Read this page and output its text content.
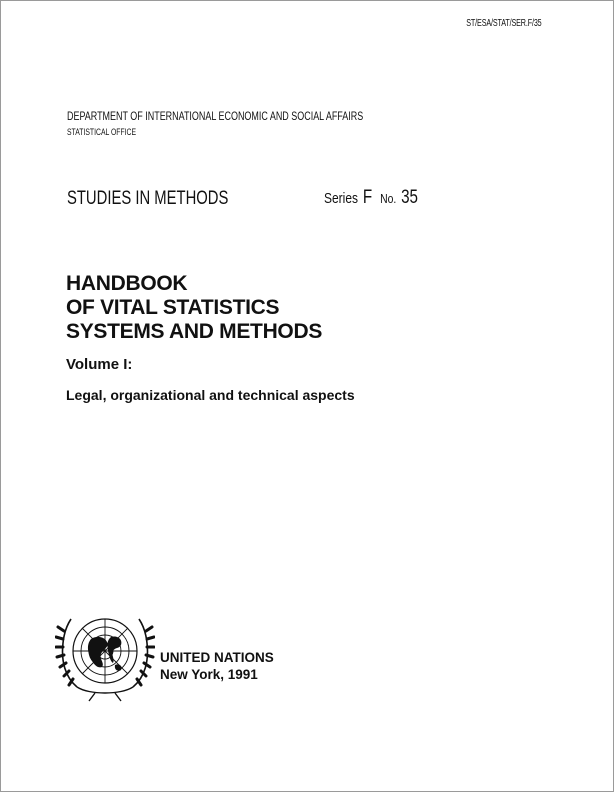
ST/ESA/STAT/SER.F/35

DEPARTMENT OF INTERNATIONAL ECONOMIC AND SOCIAL AFFAIRS

STATISTICAL OFFICE

STUDIES IN METHODS	Series F No. 35
HANDBOOK
OF VITAL STATISTICS
SYSTEMS AND METHODS

Volume I:

Legal, organizational and technical aspects

UNITED NATIONS
New York, 1991
